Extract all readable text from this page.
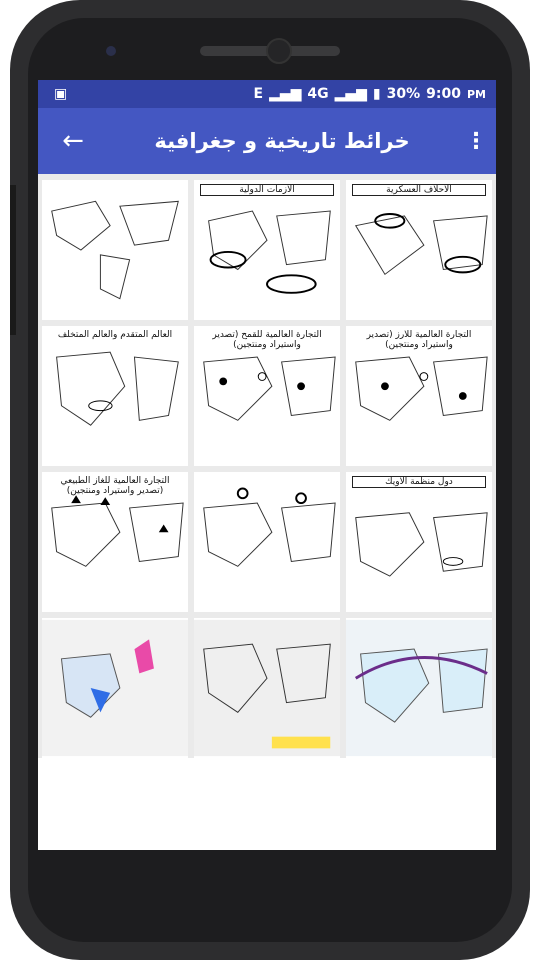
▣	E ▂▄▆ 4G ▂▄▆ ▮ 30% 9:00 PM
←	خرائط تاريخية و جغرافية	⋮
الازمات الدولية	الاحلاف العسكرية
العالم المتقدم والعالم المتخلف	التجارة العالمية للقمح (تصدير واستيراد ومنتجين)
التجارة العالمية للارز (تصدير واستيراد ومنتجين)
التجارة العالمية للغاز الطبيعي (تصدير واستيراد ومنتجين)
دول منظمة الاويك
